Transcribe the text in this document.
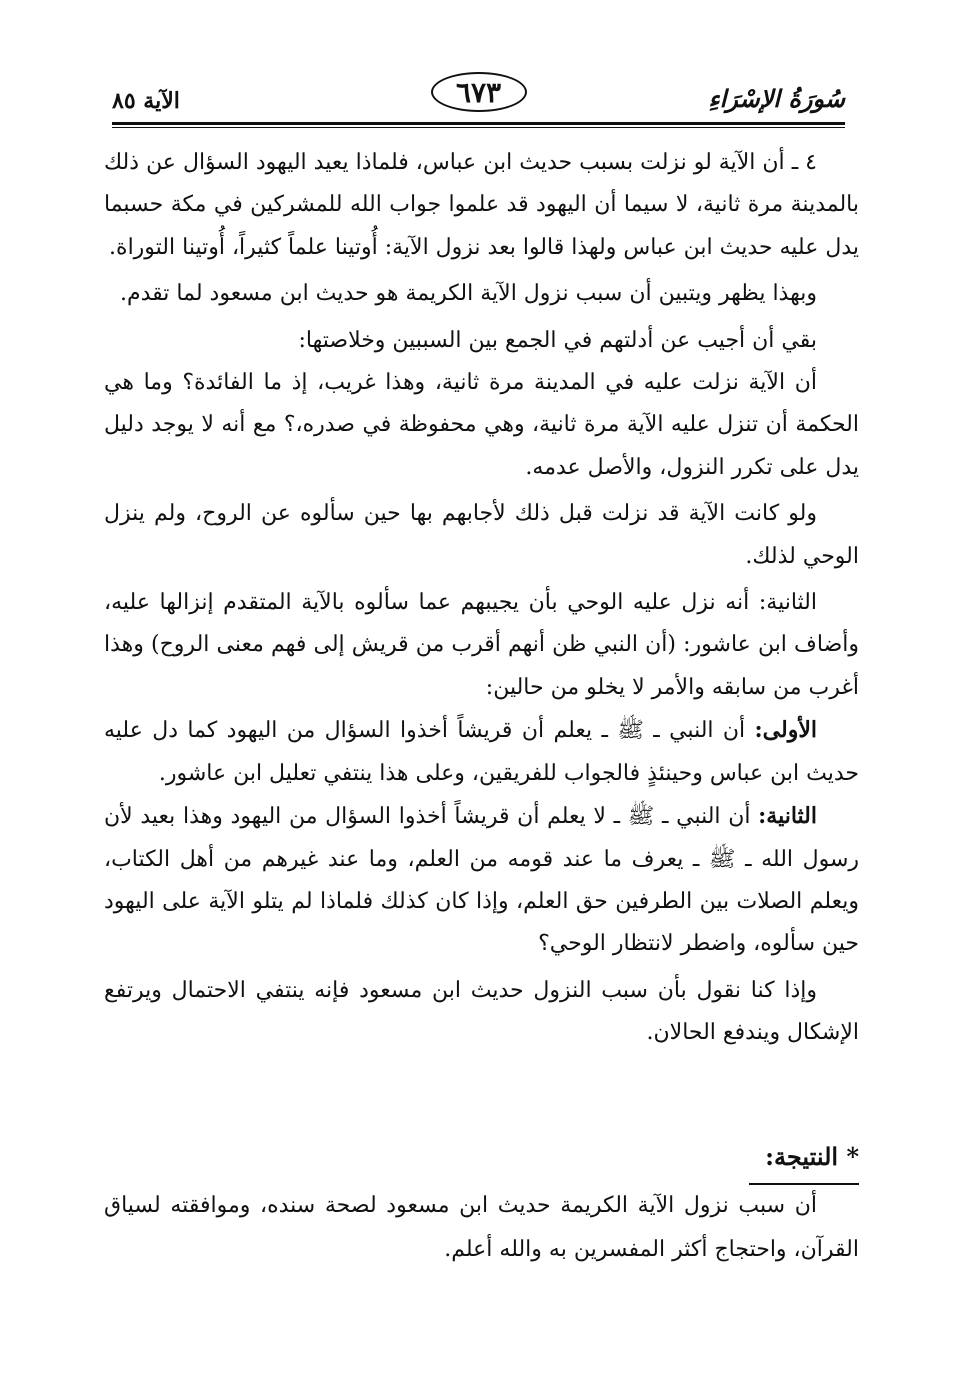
سُورَةُ الإسْرَاءِ
٦٧٣
الآية ٨٥

٤ ـ أن الآية لو نزلت بسبب حديث ابن عباس، فلماذا يعيد اليهود السؤال عن ذلك بالمدينة مرة ثانية، لا سيما أن اليهود قد علموا جواب الله للمشركين في مكة حسبما يدل عليه حديث ابن عباس ولهذا قالوا بعد نزول الآية: أُوتينا علماً كثيراً، أُوتينا التوراة.

وبهذا يظهر ويتبين أن سبب نزول الآية الكريمة هو حديث ابن مسعود لما تقدم.

بقي أن أجيب عن أدلتهم في الجمع بين السببين وخلاصتها:

أن الآية نزلت عليه في المدينة مرة ثانية، وهذا غريب، إذ ما الفائدة؟ وما هي الحكمة أن تنزل عليه الآية مرة ثانية، وهي محفوظة في صدره،؟ مع أنه لا يوجد دليل يدل على تكرر النزول، والأصل عدمه.

ولو كانت الآية قد نزلت قبل ذلك لأجابهم بها حين سألوه عن الروح، ولم ينزل الوحي لذلك.

الثانية: أنه نزل عليه الوحي بأن يجيبهم عما سألوه بالآية المتقدم إنزالها عليه، وأضاف ابن عاشور: (أن النبي ظن أنهم أقرب من قريش إلى فهم معنى الروح) وهذا أغرب من سابقه والأمر لا يخلو من حالين:

الأولى: أن النبي ـ ﷺ ـ يعلم أن قريشاً أخذوا السؤال من اليهود كما دل عليه حديث ابن عباس وحينئذٍ فالجواب للفريقين، وعلى هذا ينتفي تعليل ابن عاشور.

الثانية: أن النبي ـ ﷺ ـ لا يعلم أن قريشاً أخذوا السؤال من اليهود وهذا بعيد لأن رسول الله ـ ﷺ ـ يعرف ما عند قومه من العلم، وما عند غيرهم من أهل الكتاب، ويعلم الصلات بين الطرفين حق العلم، وإذا كان كذلك فلماذا لم يتلو الآية على اليهود حين سألوه، واضطر لانتظار الوحي؟

وإذا كنا نقول بأن سبب النزول حديث ابن مسعود فإنه ينتفي الاحتمال ويرتفع الإشكال ويندفع الحالان.

* النتيجة:

أن سبب نزول الآية الكريمة حديث ابن مسعود لصحة سنده، وموافقته لسياق القرآن، واحتجاج أكثر المفسرين به والله أعلم.
